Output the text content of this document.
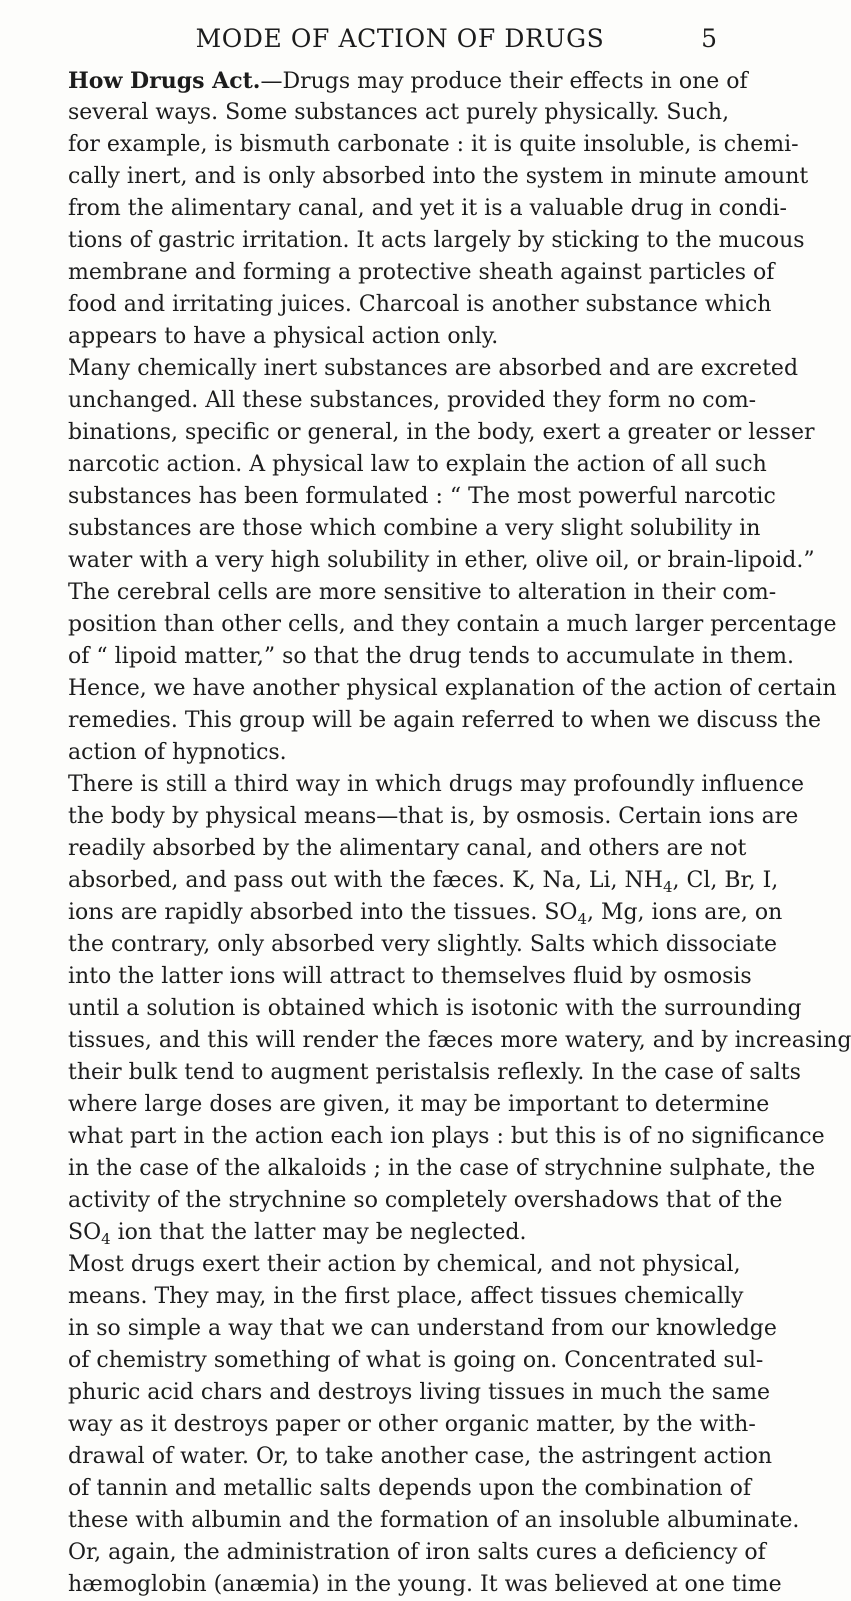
MODE OF ACTION OF DRUGS	5
How Drugs Act.—Drugs may produce their effects in one of
several ways. Some substances act purely physically. Such,
for example, is bismuth carbonate : it is quite insoluble, is chemi-
cally inert, and is only absorbed into the system in minute amount
from the alimentary canal, and yet it is a valuable drug in condi-
tions of gastric irritation. It acts largely by sticking to the mucous
membrane and forming a protective sheath against particles of
food and irritating juices. Charcoal is another substance which
appears to have a physical action only.
Many chemically inert substances are absorbed and are excreted
unchanged. All these substances, provided they form no com-
binations, specific or general, in the body, exert a greater or lesser
narcotic action. A physical law to explain the action of all such
substances has been formulated : “ The most powerful narcotic
substances are those which combine a very slight solubility in
water with a very high solubility in ether, olive oil, or brain-lipoid.”
The cerebral cells are more sensitive to alteration in their com-
position than other cells, and they contain a much larger percentage
of “ lipoid matter,” so that the drug tends to accumulate in them.
Hence, we have another physical explanation of the action of certain
remedies. This group will be again referred to when we discuss the
action of hypnotics.
There is still a third way in which drugs may profoundly influence
the body by physical means—that is, by osmosis. Certain ions are
readily absorbed by the alimentary canal, and others are not
absorbed, and pass out with the fæces. K, Na, Li, $NH_4$, Cl, Br, I,
ions are rapidly absorbed into the tissues. $SO_4$, Mg, ions are, on
the contrary, only absorbed very slightly. Salts which dissociate
into the latter ions will attract to themselves fluid by osmosis
until a solution is obtained which is isotonic with the surrounding
tissues, and this will render the fæces more watery, and by increasing
their bulk tend to augment peristalsis reflexly. In the case of salts
where large doses are given, it may be important to determine
what part in the action each ion plays : but this is of no significance
in the case of the alkaloids ; in the case of strychnine sulphate, the
activity of the strychnine so completely overshadows that of the
$SO_4$ ion that the latter may be neglected.
Most drugs exert their action by chemical, and not physical,
means. They may, in the first place, affect tissues chemically
in so simple a way that we can understand from our knowledge
of chemistry something of what is going on. Concentrated sul-
phuric acid chars and destroys living tissues in much the same
way as it destroys paper or other organic matter, by the with-
drawal of water. Or, to take another case, the astringent action
of tannin and metallic salts depends upon the combination of
these with albumin and the formation of an insoluble albuminate.
Or, again, the administration of iron salts cures a deficiency of
hæmoglobin (anæmia) in the young. It was believed at one time
